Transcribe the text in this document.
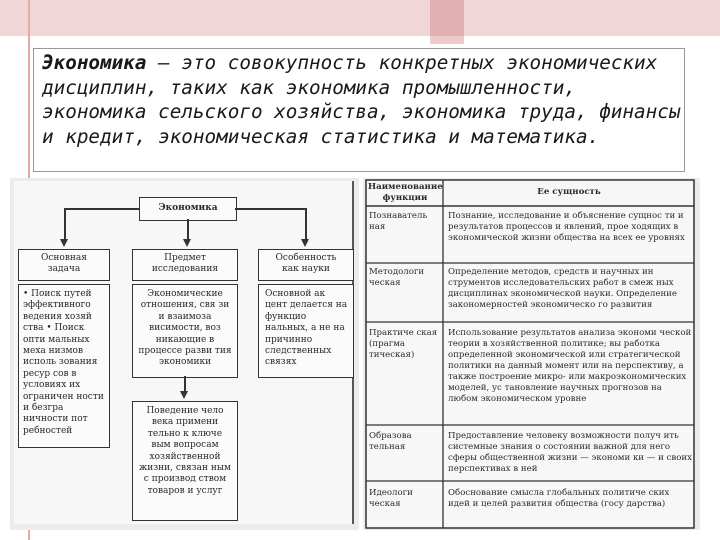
Экономика – это совокупность конкретных экономических дисциплин, таких как экономика промышленности, экономика сельского хозяйства, экономика труда, финансы и кредит, экономическая статистика и математика.
Экономика
Основная задача
Предмет исследования
Особенность как науки
• Поиск путей эффективного ведения хозяй ства • Поиск опти мальных меха низмов исполь зования ресур сов в условиях их ограничен ности и безгра ничности пот ребностей
Экономические отношения, свя зи и взаимоза висимости, воз никающие в процессе разви тия экономики
Поведение чело века примени тельно к ключе вым вопросам хозяйственной жизни, связан ным с производ ством товаров и услуг
Основной ак цент делается на функцио нальных, а не на причинно следственных связях
Наименование функции
Ее сущность
Познаватель ная
Познание, исследование и объяснение сущнос ти и результатов процессов и явлений, прое ходящих в экономической жизни общества на всех ее уровнях
Методологи ческая
Определение методов, средств и научных ин струментов исследовательских работ в смеж ных дисциплинах экономической науки. Определение закономерностей экономическо го развития
Практиче ская (прагма тическая)
Использование результатов анализа экономи ческой теории в хозяйственной политике; вы работка определенной экономической или стратегической политики на данный момент или на перспективу, а также построение микро- или макроэкономических моделей, ус тановление научных прогнозов на любом экономическом уровне
Образова тельная
Предоставление человеку возможности получ ить системные знания о состоянии важной для него сферы общественной жизни — экономи ки — и своих перспективах в ней
Идеологи ческая
Обоснование смысла глобальных политиче ских идей и целей развития общества (госу дарства)
